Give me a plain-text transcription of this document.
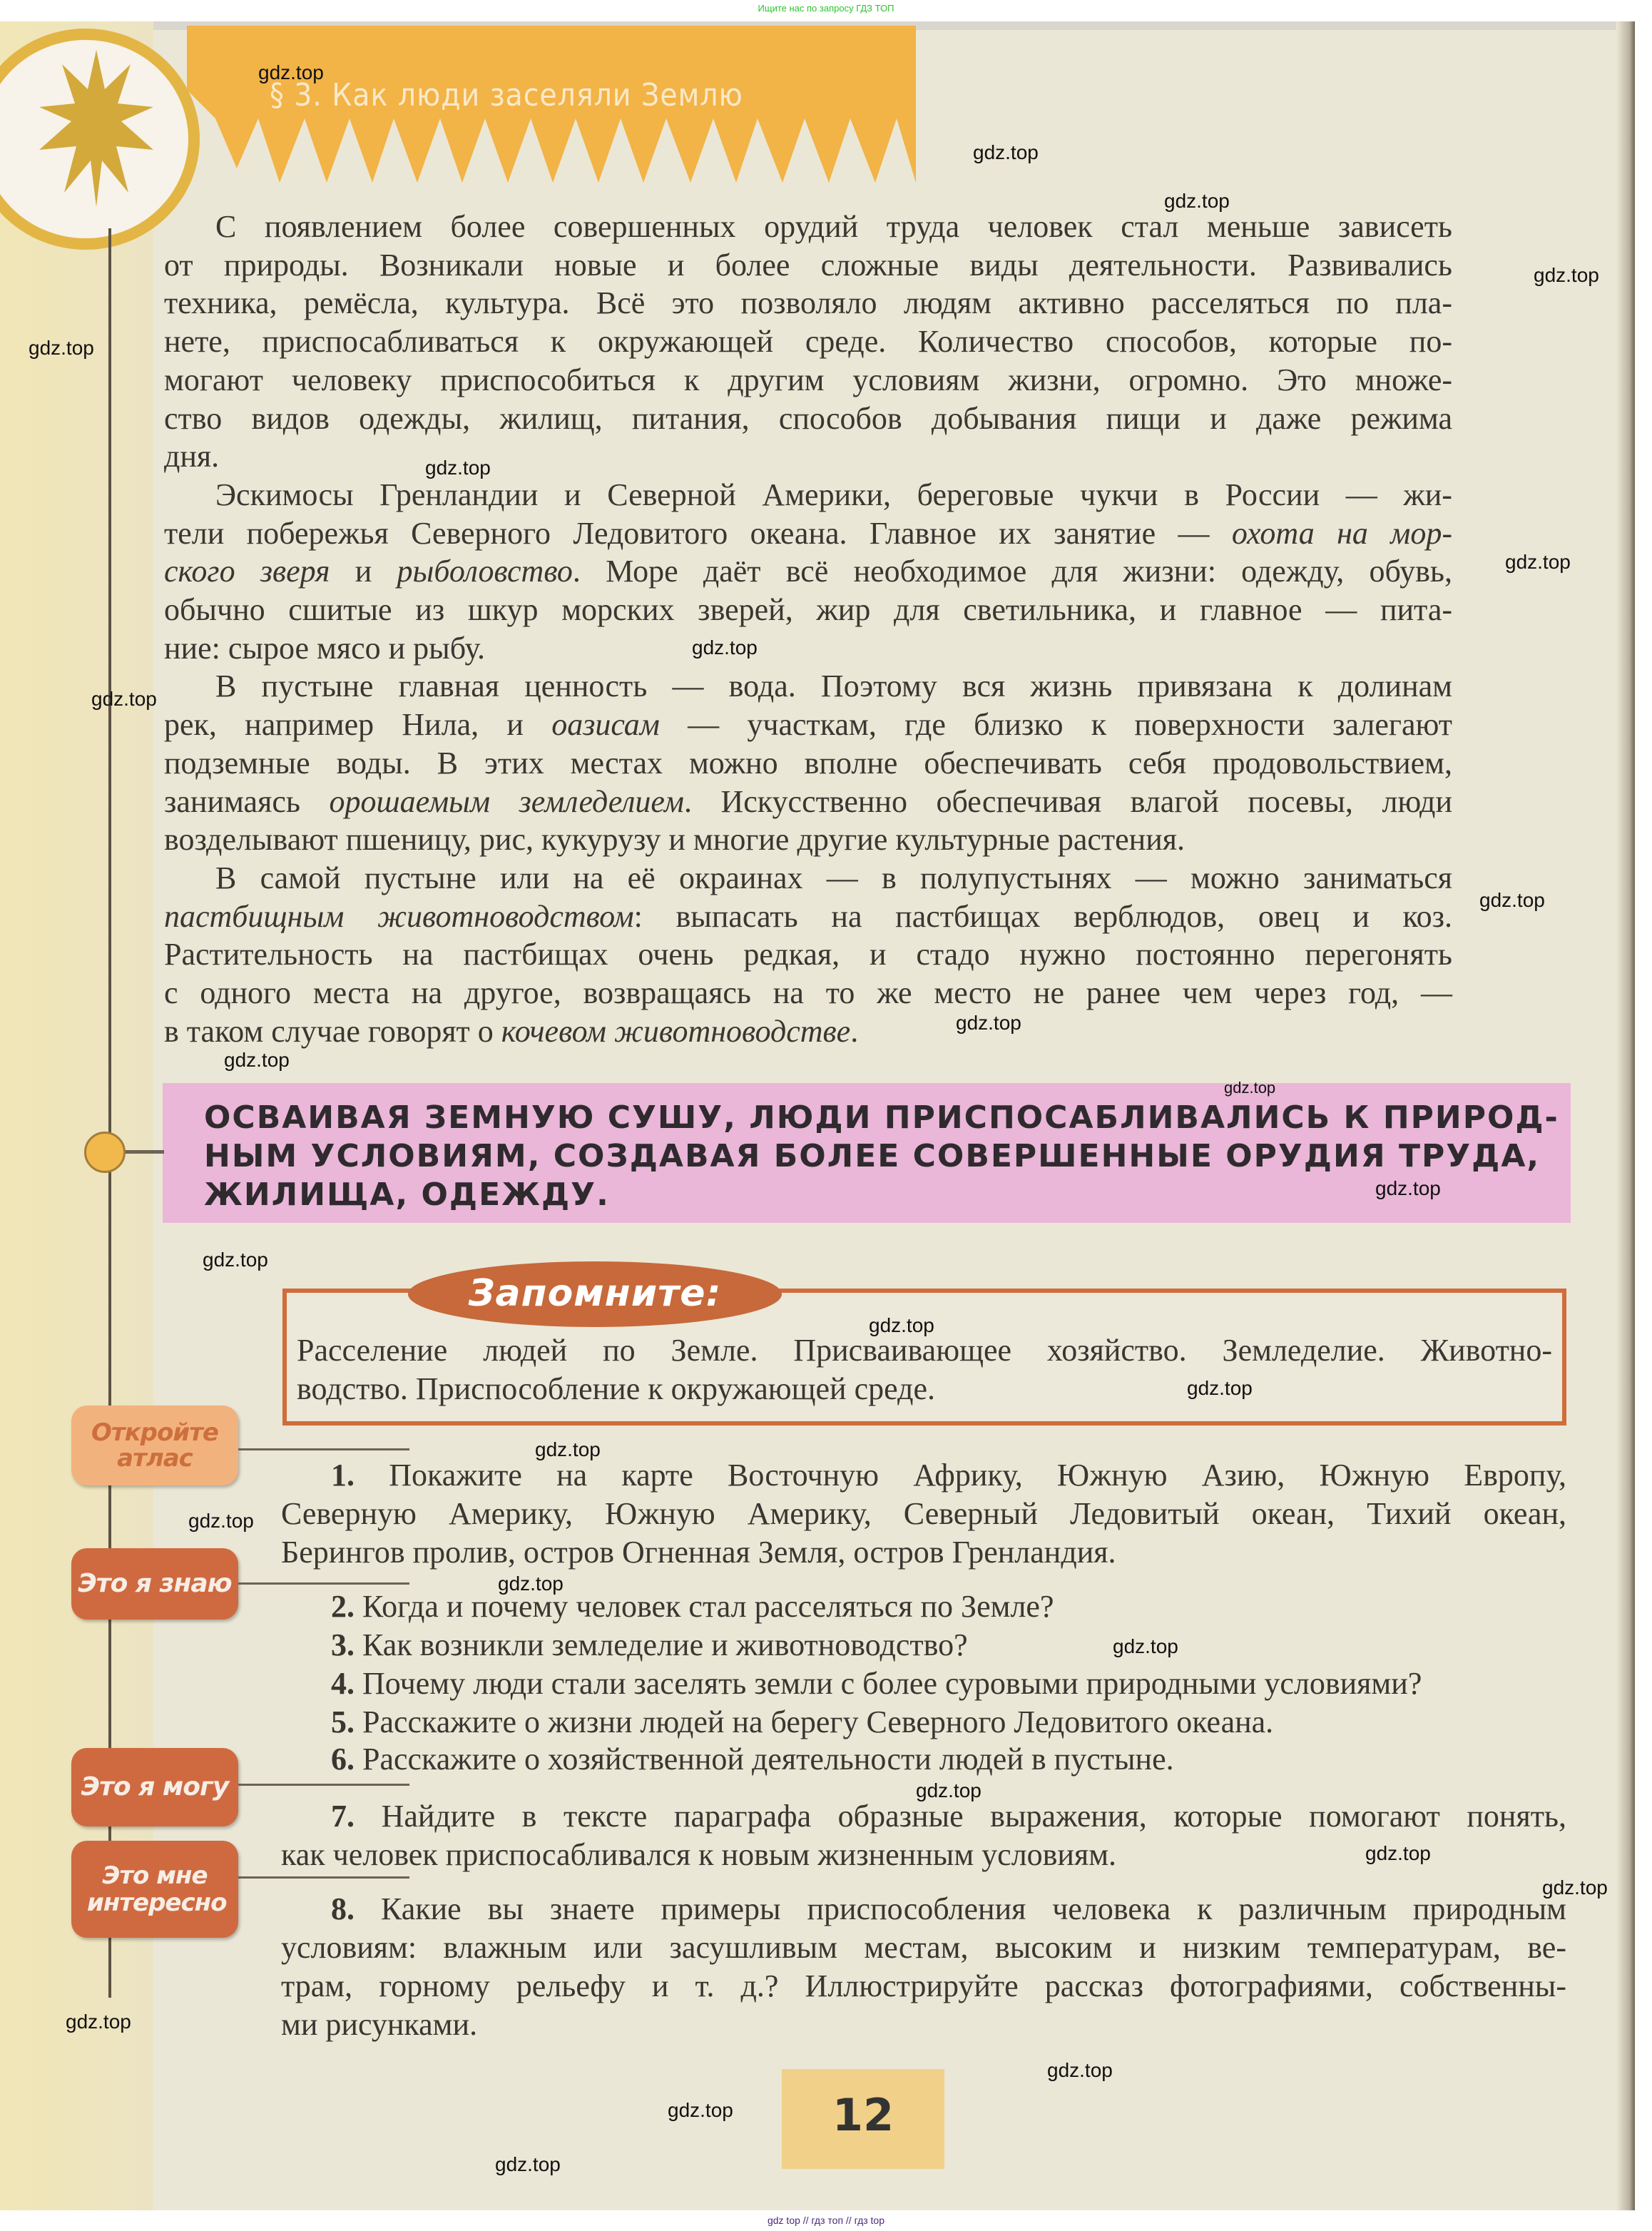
Ищите нас по запросу ГДЗ ТОП
§ 3. Как люди заселяли Землю
С появлением более совершенных орудий труда человек стал меньше зависеть
от природы. Возникали новые и более сложные виды деятельности. Развивались
техника, ремёсла, культура. Всё это позволяло людям активно расселяться по пла-
нете, приспосабливаться к окружающей среде. Количество способов, которые по-
могают человеку приспособиться к другим условиям жизни, огромно. Это множе-
ство видов одежды, жилищ, питания, способов добывания пищи и даже режима
дня.
Эскимосы Гренландии и Северной Америки, береговые чукчи в России — жи-
тели побережья Северного Ледовитого океана. Главное их занятие — охота на мор-
ского зверя и рыболовство. Море даёт всё необходимое для жизни: одежду, обувь,
обычно сшитые из шкур морских зверей, жир для светильника, и главное — пита-
ние: сырое мясо и рыбу.
В пустыне главная ценность — вода. Поэтому вся жизнь привязана к долинам
рек, например Нила, и оазисам — участкам, где близко к поверхности залегают
подземные воды. В этих местах можно вполне обеспечивать себя продовольствием,
занимаясь орошаемым земледелием. Искусственно обеспечивая влагой посевы, люди
возделывают пшеницу, рис, кукурузу и многие другие культурные растения.
В самой пустыне или на её окраинах — в полупустынях — можно заниматься
пастбищным животноводством: выпасать на пастбищах верблюдов, овец и коз.
Растительность на пастбищах очень редкая, и стадо нужно постоянно перегонять
с одного места на другое, возвращаясь на то же место не ранее чем через год, —
в таком случае говорят о кочевом животноводстве.
ОСВАИВАЯ ЗЕМНУЮ СУШУ, ЛЮДИ ПРИСПОСАБЛИВАЛИСЬ К ПРИРОД-
НЫМ УСЛОВИЯМ, СОЗДАВАЯ БОЛЕЕ СОВЕРШЕННЫЕ ОРУДИЯ ТРУДА,
ЖИЛИЩА, ОДЕЖДУ.
Запомните:
Расселение людей по Земле. Присваивающее хозяйство. Земледелие. Животно-
водство. Приспособление к окружающей среде.
Откройте атлас
Это я знаю
Это я могу
Это мне интересно
1. Покажите на карте Восточную Африку, Южную Азию, Южную Европу,
Северную Америку, Южную Америку, Северный Ледовитый океан, Тихий океан,
Берингов пролив, остров Огненная Земля, остров Гренландия.
2. Когда и почему человек стал расселяться по Земле?
3. Как возникли земледелие и животноводство?
4. Почему люди стали заселять земли с более суровыми природными условиями?
5. Расскажите о жизни людей на берегу Северного Ледовитого океана.
6. Расскажите о хозяйственной деятельности людей в пустыне.
7. Найдите в тексте параграфа образные выражения, которые помогают понять,
как человек приспосабливался к новым жизненным условиям.
8. Какие вы знаете примеры приспособления человека к различным природным
условиям: влажным или засушливым местам, высоким и низким температурам, ве-
трам, горному рельефу и т. д.? Иллюстрируйте рассказ фотографиями, собственны-
ми рисунками.
12
gdz.top
gdz.top
gdz.top
gdz.top
gdz.top
gdz.top
gdz.top
gdz.top
gdz.top
gdz.top
gdz.top
gdz.top
gdz.top
gdz.top
gdz.top
gdz.top
gdz.top
gdz.top
gdz.top
gdz.top
gdz.top
gdz.top
gdz.top
gdz.top
gdz.top
gdz.top
gdz.top
gdz.top
gdz top // гдз топ // гдз top
